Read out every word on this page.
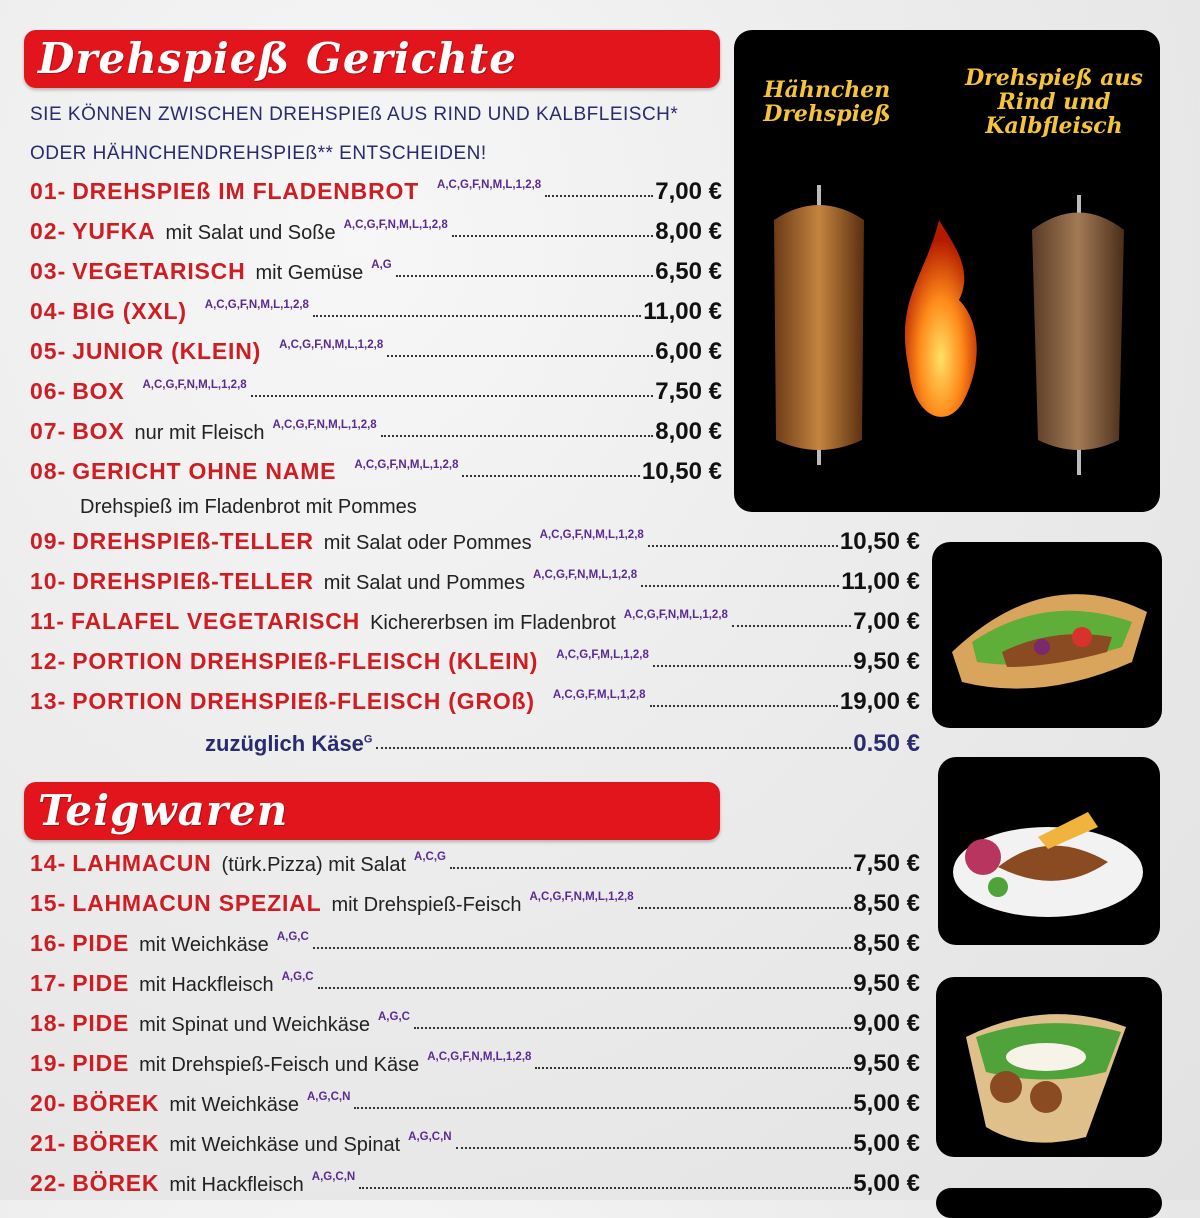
Drehspieß Gerichte
SIE KÖNNEN ZWISCHEN DREHSPIEß AUS RIND UND KALBFLEISCH*
ODER HÄHNCHENDREHSPIEß** ENTSCHEIDEN!
01- DREHSPIEß IM FLADENBROT A,C,G,F,N,M,L,1,2,8	7,00 €
02- YUFKA mit Salat und Soße A,C,G,F,N,M,L,1,2,8	8,00 €
03- VEGETARISCH mit Gemüse A,G	6,50 €
04- BIG (XXL) A,C,G,F,N,M,L,1,2,8	11,00 €
05- JUNIOR (KLEIN) A,C,G,F,N,M,L,1,2,8	6,00 €
06- BOX A,C,G,F,N,M,L,1,2,8	7,50 €
07- BOX nur mit Fleisch A,C,G,F,N,M,L,1,2,8	8,00 €
08- GERICHT OHNE NAME A,C,G,F,N,M,L,1,2,8	10,50 €
09- DREHSPIEß-TELLER mit Salat oder Pommes A,C,G,F,N,M,L,1,2,8	10,50 €
10- DREHSPIEß-TELLER mit Salat und Pommes A,C,G,F,N,M,L,1,2,8	11,00 €
11- FALAFEL VEGETARISCH Kichererbsen im Fladenbrot A,C,G,F,N,M,L,1,2,8	7,00 €
12- PORTION DREHSPIEß-FLEISCH (KLEIN) A,C,G,F,M,L,1,2,8	9,50 €
13- PORTION DREHSPIEß-FLEISCH (GROß) A,C,G,F,M,L,1,2,8	19,00 €
Drehspieß im Fladenbrot mit Pommes
zuzüglich Käse$^G$	0.50 €
Teigwaren
14- LAHMACUN (türk.Pizza) mit Salat A,C,G	7,50 €
15- LAHMACUN SPEZIAL mit Drehspieß-Feisch A,C,G,F,N,M,L,1,2,8	8,50 €
16- PIDE mit Weichkäse A,G,C	8,50 €
17- PIDE mit Hackfleisch A,G,C	9,50 €
18- PIDE mit Spinat und Weichkäse A,G,C	9,00 €
19- PIDE mit Drehspieß-Feisch und Käse A,C,G,F,N,M,L,1,2,8	9,50 €
20- BÖREK mit Weichkäse A,G,C,N	5,00 €
21- BÖREK mit Weichkäse und Spinat A,G,C,N	5,00 €
22- BÖREK mit Hackfleisch A,G,C,N	5,00 €
Hähnchen Drehspieß
Drehspieß aus Rind und Kalbfleisch
